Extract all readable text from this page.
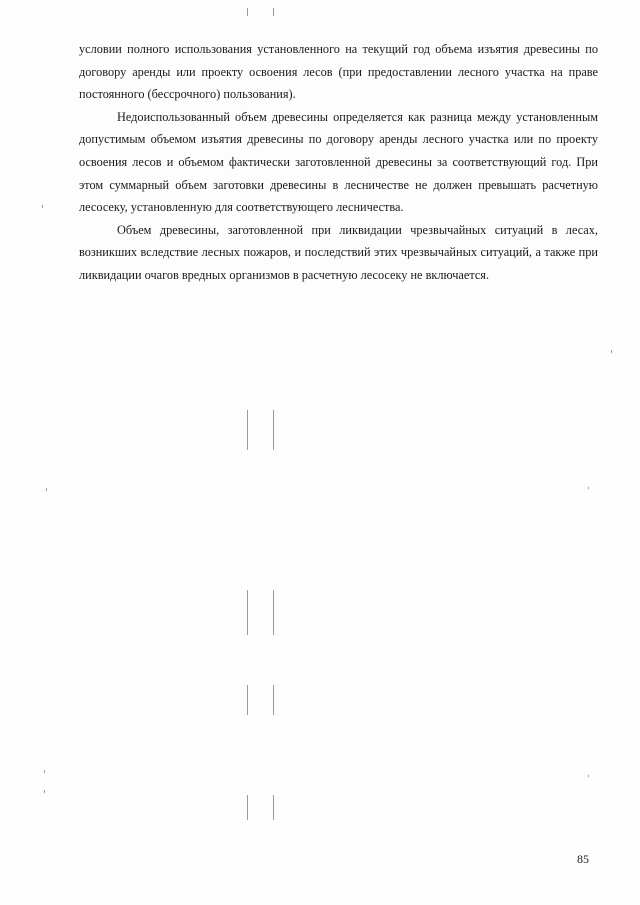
условии полного использования установленного на текущий год объема изъятия древесины по договору аренды или проекту освоения лесов (при предоставлении лесного участка на праве постоянного (бессрочного) пользования).

Недоиспользованный объем древесины определяется как разница между установленным допустимым объемом изъятия древесины по договору аренды лесного участка или по проекту освоения лесов и объемом фактически заготовленной древесины за соответствующий год. При этом суммарный объем заготовки древесины в лесничестве не должен превышать расчетную лесосеку, установленную для соответствующего лесничества.

Объем древесины, заготовленной при ликвидации чрезвычайных ситуаций в лесах, возникших вследствие лесных пожаров, и последствий этих чрезвычайных ситуаций, а также при ликвидации очагов вредных организмов в расчетную лесосеку не включается.

85
